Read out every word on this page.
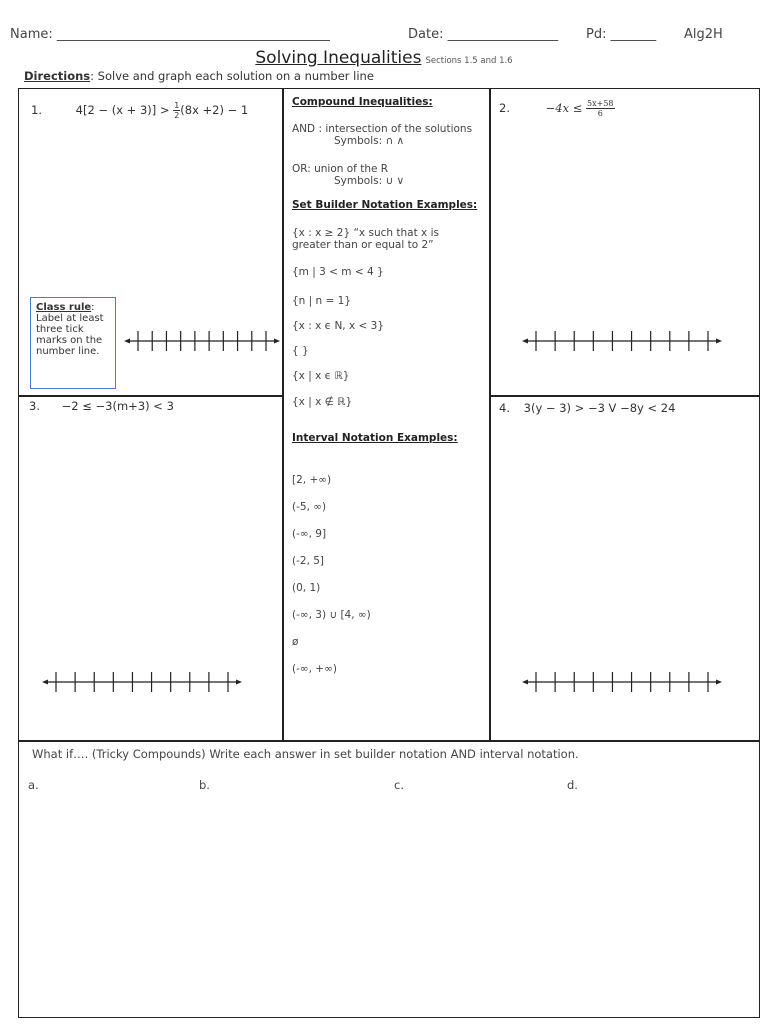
Name: __________________________________________	Date: _________________ Pd: _______ Alg2H
Solving Inequalities Sections 1.5 and 1.6
Directions: Solve and graph each solution on a number line
1.	$4[2 - (x + 3)] > \frac{1}{2} (8x +2) - 1$	2.	$-4x \le \frac{5x+58}{6}$
3. −2 ≤ −3(m+3) < 3	4. 3(y − 3) > −3 V −8y < 24
Class rule:
Label at least three tick marks on the number line.
Compound Inequalities:
AND : intersection of the solutions
Symbols: ∩ ∧
OR: union of the R
Symbols: ∪ ∨
Set Builder Notation Examples:
{x : x ≥ 2} “x such that x is
greater than or equal to 2”
{m | 3 < m < 4 }
{n | n = 1}
{x : x ϵ N, x < 3}
{ }
{x | x ϵ ℝ}
{x | x ∉ ℝ}
Interval Notation Examples:
[2, +∞)
(-5, ∞)
(-∞, 9]
(-2, 5]
(0, 1)
(-∞, 3) ∪ [4, ∞)
ø
(-∞, +∞)
What if…. (Tricky Compounds) Write each answer in set builder notation AND interval notation.
a.	b.	c.	d.
